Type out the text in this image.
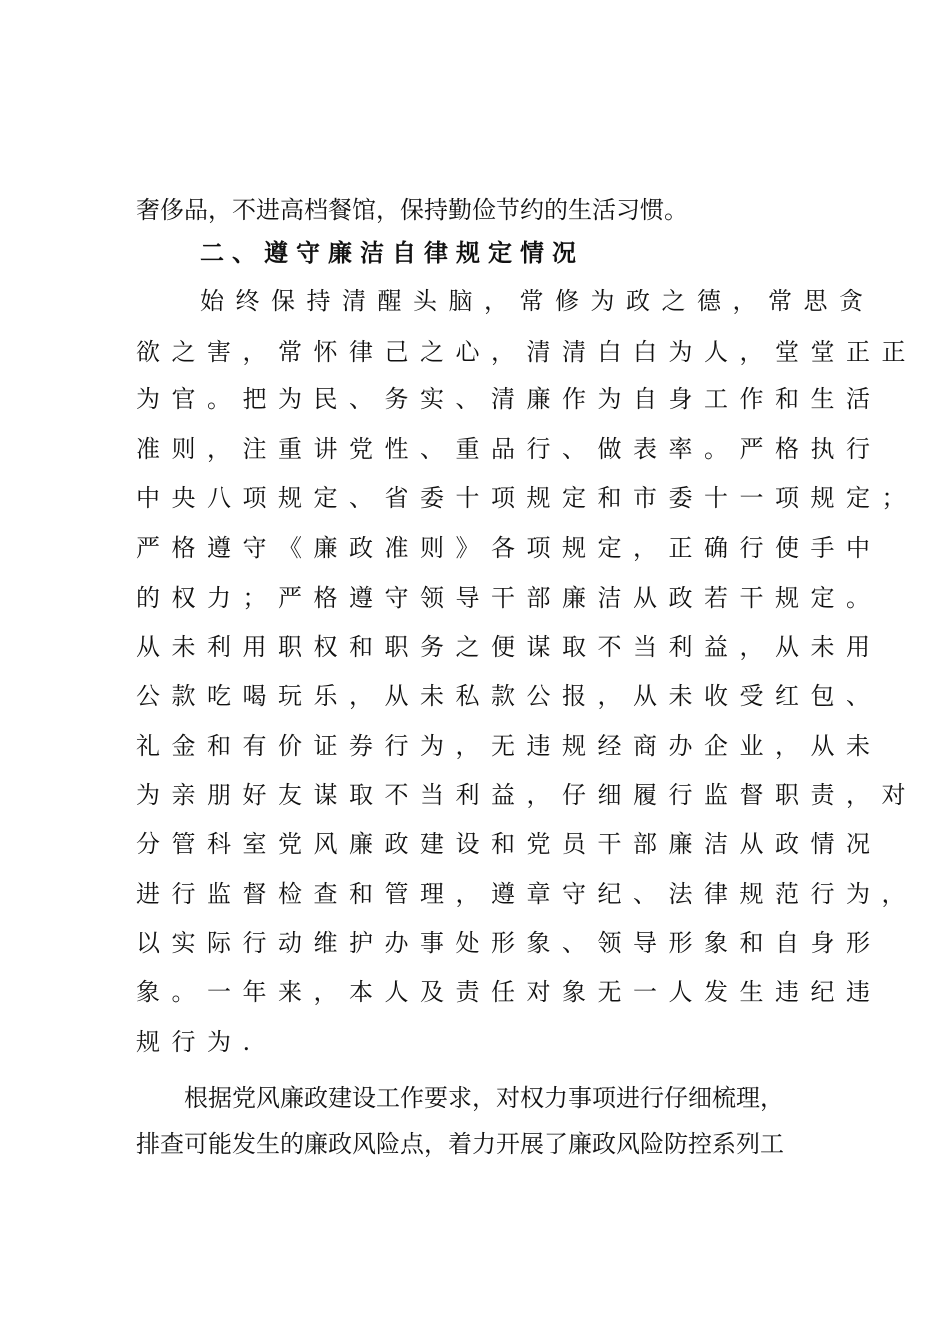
奢侈品，不进高档餐馆，保持勤俭节约的生活习惯。
二、遵守廉洁自律规定情况
始终保持清醒头脑，常修为政之德，常思贪
欲之害，常怀律己之心，清清白白为人，堂堂正正
为官。把为民、务实、清廉作为自身工作和生活
准则，注重讲党性、重品行、做表率。严格执行
中央八项规定、省委十项规定和市委十一项规定；
严格遵守《廉政准则》各项规定，正确行使手中
的权力；严格遵守领导干部廉洁从政若干规定。
从未利用职权和职务之便谋取不当利益，从未用
公款吃喝玩乐，从未私款公报，从未收受红包、
礼金和有价证券行为，无违规经商办企业，从未
为亲朋好友谋取不当利益，仔细履行监督职责，对
分管科室党风廉政建设和党员干部廉洁从政情况
进行监督检查和管理，遵章守纪、法律规范行为，
以实际行动维护办事处形象、领导形象和自身形
象。一年来，本人及责任对象无一人发生违纪违
规行为.
根据党风廉政建设工作要求，对权力事项进行仔细梳理，
排查可能发生的廉政风险点，着力开展了廉政风险防控系列工
